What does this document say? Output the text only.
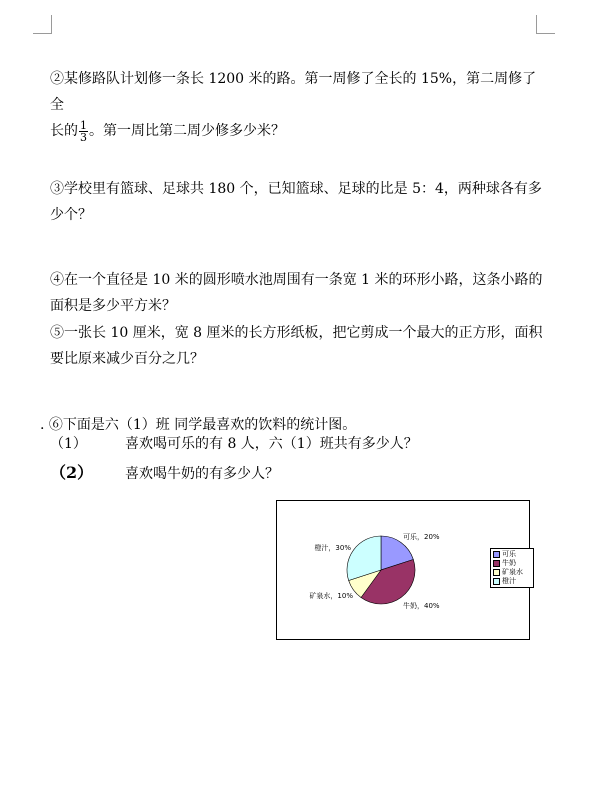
②某修路队计划修一条长 1200 米的路。第一周修了全长的 15%，第二周修了全
长的 $\frac{1}{3}$ 。第一周比第二周少修多少米？
③学校里有篮球、足球共 180 个，已知篮球、足球的比是 5：4，两种球各有多
少个？
④在一个直径是 10 米的圆形喷水池周围有一条宽 1 米的环形小路，这条小路的
面积是多少平方米？
⑤一张长 10 厘米，宽 8 厘米的长方形纸板，把它剪成一个最大的正方形，面积
要比原来减少百分之几？
. ⑥下面是六（1）班 同学最喜欢的饮料的统计图。
（1）	喜欢喝可乐的有 8 人，六（1）班共有多少人？
（2） 喜欢喝牛奶的有多少人？
可乐，20%
牛奶，40%
矿泉水，10%
橙汁，30%
可乐
牛奶
矿泉水
橙汁
